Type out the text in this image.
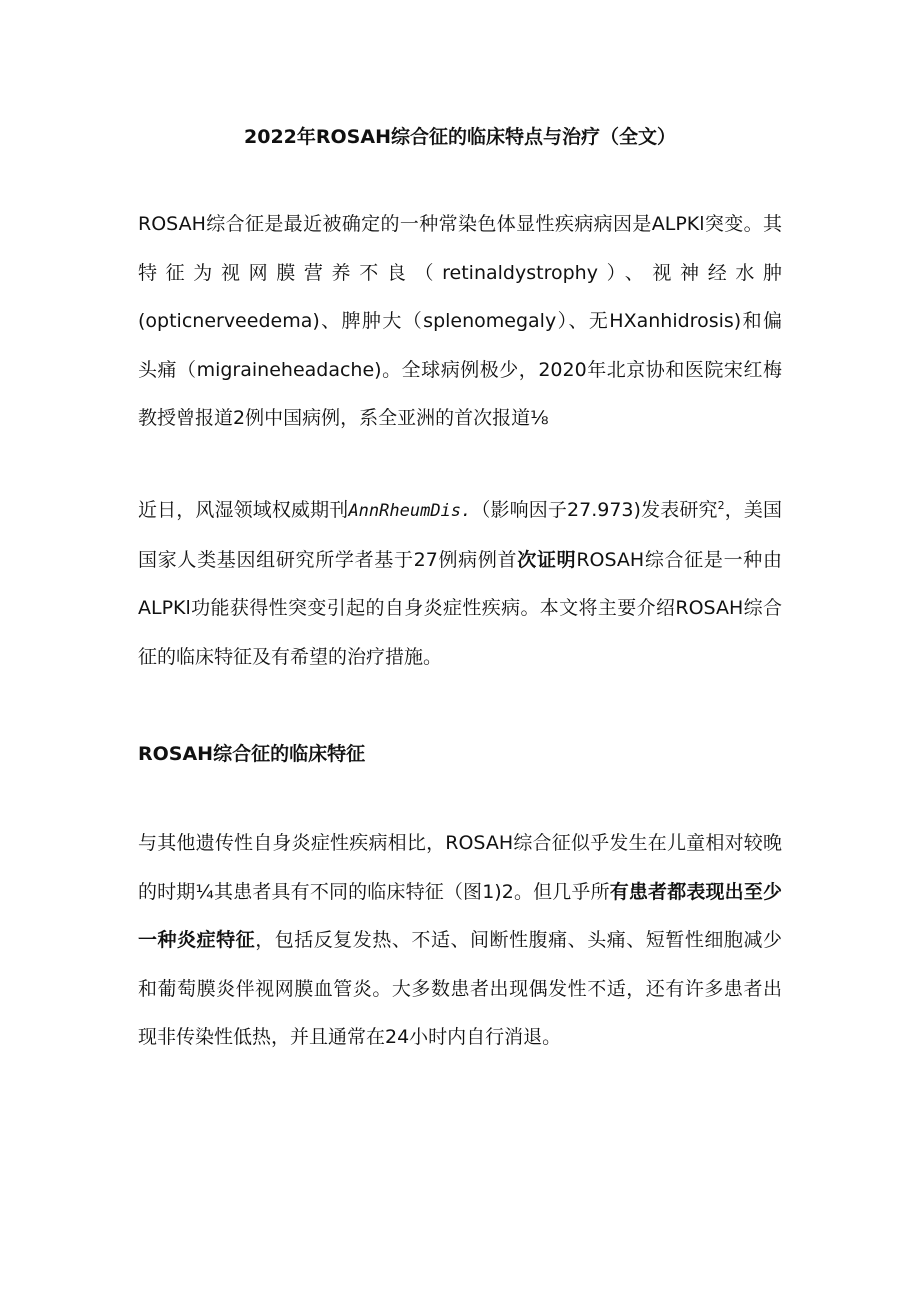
2022年ROSAH综合征的临床特点与治疗（全文）

ROSAH综合征是最近被确定的一种常染色体显性疾病病因是ALPKl突变。其特征为视网膜营养不良（retinaldystrophy）、视神经水肿(opticnerveedema)、脾肿大（splenomegaly）、无HXanhidrosis)和偏头痛（migraineheadache)。全球病例极少，2020年北京协和医院宋红梅教授曾报道2例中国病例，系全亚洲的首次报道⅛

近日，风湿领域权威期刊AnnRheumDis.（影响因子27.973)发表研究$^2$，美国国家人类基因组研究所学者基于27例病例首次证明ROSAH综合征是一种由ALPKl功能获得性突变引起的自身炎症性疾病。本文将主要介绍ROSAH综合征的临床特征及有希望的治疗措施。

ROSAH综合征的临床特征

与其他遗传性自身炎症性疾病相比，ROSAH综合征似乎发生在儿童相对较晚的时期¼其患者具有不同的临床特征（图1)2。但几乎所有患者都表现出至少一种炎症特征，包括反复发热、不适、间断性腹痛、头痛、短暂性细胞减少和葡萄膜炎伴视网膜血管炎。大多数患者出现偶发性不适，还有许多患者出现非传染性低热，并且通常在24小时内自行消退。
